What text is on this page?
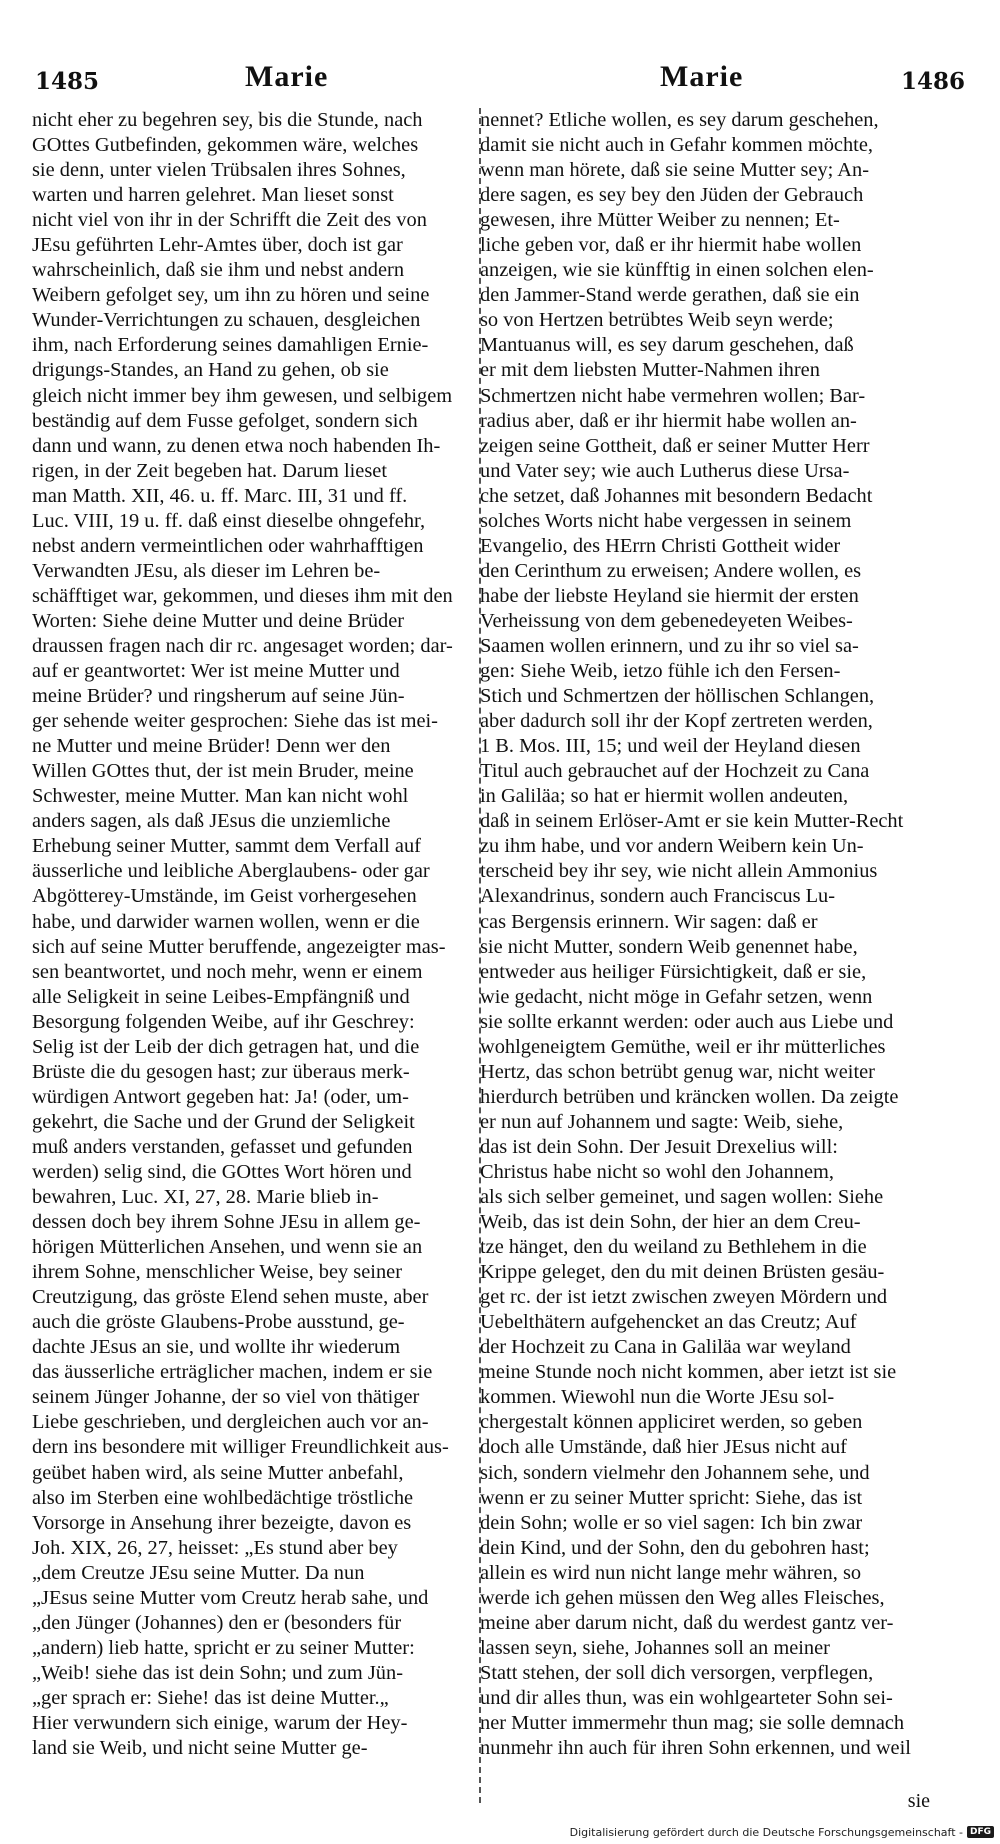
1485	Marie	Marie	1486
nicht eher zu begehren sey, bis die Stunde, nach
GOttes Gutbefinden, gekommen wäre, welches
sie denn, unter vielen Trübsalen ihres Sohnes,
warten und harren gelehret. Man lieset sonst
nicht viel von ihr in der Schrifft die Zeit des von
JEsu geführten Lehr-Amtes über, doch ist gar
wahrscheinlich, daß sie ihm und nebst andern
Weibern gefolget sey, um ihn zu hören und seine
Wunder-Verrichtungen zu schauen, desgleichen
ihm, nach Erforderung seines damahligen Ernie-
drigungs-Standes, an Hand zu gehen, ob sie
gleich nicht immer bey ihm gewesen, und selbigem
beständig auf dem Fusse gefolget, sondern sich
dann und wann, zu denen etwa noch habenden Ih-
rigen, in der Zeit begeben hat. Darum lieset
man Matth. XII, 46. u. ff. Marc. III, 31 und ff.
Luc. VIII, 19 u. ff. daß einst dieselbe ohngefehr,
nebst andern vermeintlichen oder wahrhafftigen
Verwandten JEsu, als dieser im Lehren be-
schäfftiget war, gekommen, und dieses ihm mit den
Worten: Siehe deine Mutter und deine Brüder
draussen fragen nach dir rc. angesaget worden; dar-
auf er geantwortet: Wer ist meine Mutter und
meine Brüder? und ringsherum auf seine Jün-
ger sehende weiter gesprochen: Siehe das ist mei-
ne Mutter und meine Brüder! Denn wer den
Willen GOttes thut, der ist mein Bruder, meine
Schwester, meine Mutter. Man kan nicht wohl
anders sagen, als daß JEsus die unziemliche
Erhebung seiner Mutter, sammt dem Verfall auf
äusserliche und leibliche Aberglaubens- oder gar
Abgötterey-Umstände, im Geist vorhergesehen
habe, und darwider warnen wollen, wenn er die
sich auf seine Mutter beruffende, angezeigter mas-
sen beantwortet, und noch mehr, wenn er einem
alle Seligkeit in seine Leibes-Empfängniß und
Besorgung folgenden Weibe, auf ihr Geschrey:
Selig ist der Leib der dich getragen hat, und die
Brüste die du gesogen hast; zur überaus merk-
würdigen Antwort gegeben hat: Ja! (oder, um-
gekehrt, die Sache und der Grund der Seligkeit
muß anders verstanden, gefasset und gefunden
werden) selig sind, die GOttes Wort hören und
bewahren, Luc. XI, 27, 28. Marie blieb in-
dessen doch bey ihrem Sohne JEsu in allem ge-
hörigen Mütterlichen Ansehen, und wenn sie an
ihrem Sohne, menschlicher Weise, bey seiner
Creutzigung, das gröste Elend sehen muste, aber
auch die gröste Glaubens-Probe ausstund, ge-
dachte JEsus an sie, und wollte ihr wiederum
das äusserliche erträglicher machen, indem er sie
seinem Jünger Johanne, der so viel von thätiger
Liebe geschrieben, und dergleichen auch vor an-
dern ins besondere mit williger Freundlichkeit aus-
geübet haben wird, als seine Mutter anbefahl,
also im Sterben eine wohlbedächtige tröstliche
Vorsorge in Ansehung ihrer bezeigte, davon es
Joh. XIX, 26, 27, heisset: „Es stund aber bey
„dem Creutze JEsu seine Mutter. Da nun
„JEsus seine Mutter vom Creutz herab sahe, und
„den Jünger (Johannes) den er (besonders für
„andern) lieb hatte, spricht er zu seiner Mutter:
„Weib! siehe das ist dein Sohn; und zum Jün-
„ger sprach er: Siehe! das ist deine Mutter.„
Hier verwundern sich einige, warum der Hey-
land sie Weib, und nicht seine Mutter ge-
nennet? Etliche wollen, es sey darum geschehen,
damit sie nicht auch in Gefahr kommen möchte,
wenn man hörete, daß sie seine Mutter sey; An-
dere sagen, es sey bey den Jüden der Gebrauch
gewesen, ihre Mütter Weiber zu nennen; Et-
liche geben vor, daß er ihr hiermit habe wollen
anzeigen, wie sie künfftig in einen solchen elen-
den Jammer-Stand werde gerathen, daß sie ein
so von Hertzen betrübtes Weib seyn werde;
Mantuanus will, es sey darum geschehen, daß
er mit dem liebsten Mutter-Nahmen ihren
Schmertzen nicht habe vermehren wollen; Bar-
radius aber, daß er ihr hiermit habe wollen an-
zeigen seine Gottheit, daß er seiner Mutter Herr
und Vater sey; wie auch Lutherus diese Ursa-
che setzet, daß Johannes mit besondern Bedacht
solches Worts nicht habe vergessen in seinem
Evangelio, des HErrn Christi Gottheit wider
den Cerinthum zu erweisen; Andere wollen, es
habe der liebste Heyland sie hiermit der ersten
Verheissung von dem gebenedeyeten Weibes-
Saamen wollen erinnern, und zu ihr so viel sa-
gen: Siehe Weib, ietzo fühle ich den Fersen-
Stich und Schmertzen der höllischen Schlangen,
aber dadurch soll ihr der Kopf zertreten werden,
1 B. Mos. III, 15; und weil der Heyland diesen
Titul auch gebrauchet auf der Hochzeit zu Cana
in Galiläa; so hat er hiermit wollen andeuten,
daß in seinem Erlöser-Amt er sie kein Mutter-Recht
zu ihm habe, und vor andern Weibern kein Un-
terscheid bey ihr sey, wie nicht allein Ammonius
Alexandrinus, sondern auch Franciscus Lu-
cas Bergensis erinnern. Wir sagen: daß er
sie nicht Mutter, sondern Weib genennet habe,
entweder aus heiliger Fürsichtigkeit, daß er sie,
wie gedacht, nicht möge in Gefahr setzen, wenn
sie sollte erkannt werden: oder auch aus Liebe und
wohlgeneigtem Gemüthe, weil er ihr mütterliches
Hertz, das schon betrübt genug war, nicht weiter
hierdurch betrüben und kräncken wollen. Da zeigte
er nun auf Johannem und sagte: Weib, siehe,
das ist dein Sohn. Der Jesuit Drexelius will:
Christus habe nicht so wohl den Johannem,
als sich selber gemeinet, und sagen wollen: Siehe
Weib, das ist dein Sohn, der hier an dem Creu-
tze hänget, den du weiland zu Bethlehem in die
Krippe geleget, den du mit deinen Brüsten gesäu-
get rc. der ist ietzt zwischen zweyen Mördern und
Uebelthätern aufgehencket an das Creutz; Auf
der Hochzeit zu Cana in Galiläa war weyland
meine Stunde noch nicht kommen, aber ietzt ist sie
kommen. Wiewohl nun die Worte JEsu sol-
chergestalt können appliciret werden, so geben
doch alle Umstände, daß hier JEsus nicht auf
sich, sondern vielmehr den Johannem sehe, und
wenn er zu seiner Mutter spricht: Siehe, das ist
dein Sohn; wolle er so viel sagen: Ich bin zwar
dein Kind, und der Sohn, den du gebohren hast;
allein es wird nun nicht lange mehr währen, so
werde ich gehen müssen den Weg alles Fleisches,
meine aber darum nicht, daß du werdest gantz ver-
lassen seyn, siehe, Johannes soll an meiner
Statt stehen, der soll dich versorgen, verpflegen,
und dir alles thun, was ein wohlgearteter Sohn sei-
ner Mutter immermehr thun mag; sie solle demnach
nunmehr ihn auch für ihren Sohn erkennen, und weil
sie
Digitalisierung gefördert durch die Deutsche Forschungsgemeinschaft - DFG
